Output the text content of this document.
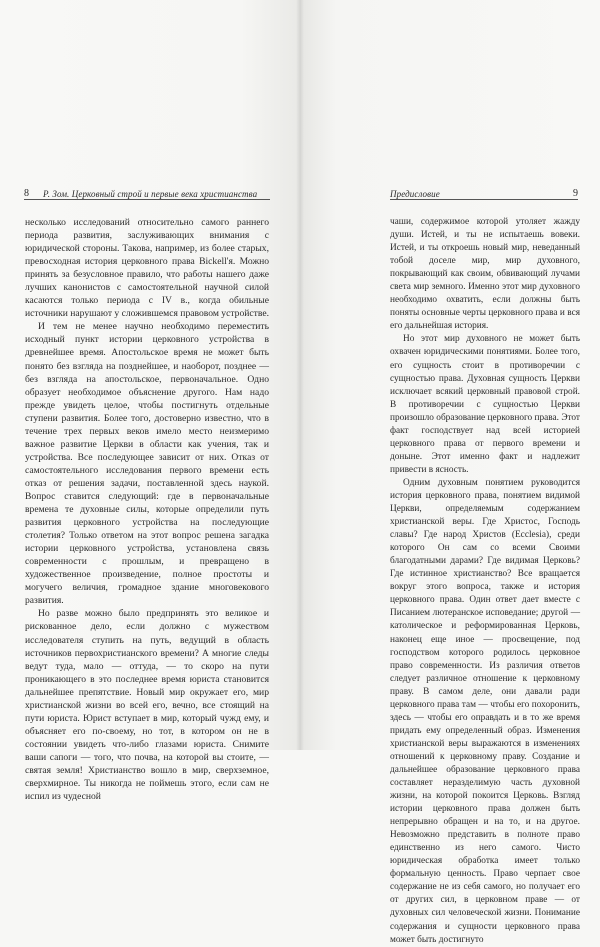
8 Р. Зом. Церковный строй и первые века христианства

несколько исследований относительно самого раннего периода развития, заслуживающих внимания с юридической стороны. Такова, например, из более старых, превосходная история церковного права Bickell'я. Можно принять за безусловное правило, что работы нашего даже лучших канонистов с самостоятельной научной силой касаются только периода с IV в., когда обильные источники нарушают у сложившемся правовом устройстве.

И тем не менее научно необходимо переместить исходный пункт истории церковного устройства в древнейшее время. Апостольское время не может быть понято без взгляда на позднейшее, и наоборот, позднее — без взгляда на апостольское, первоначальное. Одно образует необходимое объяснение другого. Нам надо прежде увидеть целое, чтобы постигнуть отдельные ступени развития. Более того, достоверно известно, что в течение трех первых веков имело место неизмеримо важное развитие Церкви в области как учения, так и устройства. Все последующее зависит от них. Отказ от самостоятельного исследования первого времени есть отказ от решения задачи, поставленной здесь наукой. Вопрос ставится следующий: где в первоначальные времена те духовные силы, которые определили путь развития церковного устройства на последующие столетия? Только ответом на этот вопрос решена загадка истории церковного устройства, установлена связь современности с прошлым, и превращено в художественное произведение, полное простоты и могучего величия, громадное здание многовекового развития.

Но разве можно было предпринять это великое и рискованное дело, если должно с мужеством исследователя ступить на путь, ведущий в область источников первохристианского времени? А многие следы ведут туда, мало — оттуда, — то скоро на пути проникающего в это последнее время юриста становится дальнейшее препятствие. Новый мир окружает его, мир христианской жизни во всей его, вечно, все стоящий на пути юриста. Юрист вступает в мир, который чужд ему, и объясняет его по-своему, но тот, в котором он не в состоянии увидеть что-либо глазами юриста. Снимите ваши сапоги — того, что почва, на которой вы стоите, — святая земля! Христианство вошло в мир, сверхземное, сверхмирное. Ты никогда не поймешь этого, если сам не испил из чудесной

Предисловие	9

чаши, содержимое которой утоляет жажду души. Истей, и ты не испытаешь вовеки. Истей, и ты откроешь новый мир, неведанный тобой доселе мир, мир духовного, покрывающий как своим, обвивающий лучами света мир земного. Именно этот мир духовного необходимо охватить, если должны быть поняты основные черты церковного права и вся его дальнейшая история.

Но этот мир духовного не может быть охвачен юридическими понятиями. Более того, его сущность стоит в противоречии с сущностью права. Духовная сущность Церкви исключает всякий церковный правовой строй. В противоречии с сущностью Церкви произошло образование церковного права. Этот факт господствует над всей историей церковного права от первого времени и доныне. Этот именно факт и надлежит привести в ясность.

Одним духовным понятием руководится история церковного права, понятием видимой Церкви, определяемым содержанием христианской веры. Где Христос, Господь славы? Где народ Христов (Ecclesia), среди которого Он сам со всеми Своими благодатными дарами? Где видимая Церковь? Где истинное христианство? Все вращается вокруг этого вопроса, также и история церковного права. Один ответ дает вместе с Писанием лютеранское исповедание; другой — католическое и реформированная Церковь, наконец еще иное — просвещение, под господством которого родилось церковное право современности. Из различия ответов следует различное отношение к церковному праву. В самом деле, они давали ради церковного права там — чтобы его похоронить, здесь — чтобы его оправдать и в то же время придать ему определенный образ. Изменения христианской веры выражаются в изменениях отношений к церковному праву. Создание и дальнейшее образование церковного права составляет неразделимую часть духовной жизни, на которой покоится Церковь. Взгляд истории церковного права должен быть непрерывно обращен и на то, и на другое. Невозможно представить в полноте право единственно из него самого. Чисто юридическая обработка имеет только формальную ценность. Право черпает свое содержание не из себя самого, но получает его от других сил, в церковном праве — от духовных сил человеческой жизни. Понимание содержания и сущности церковного права может быть достигнуто
